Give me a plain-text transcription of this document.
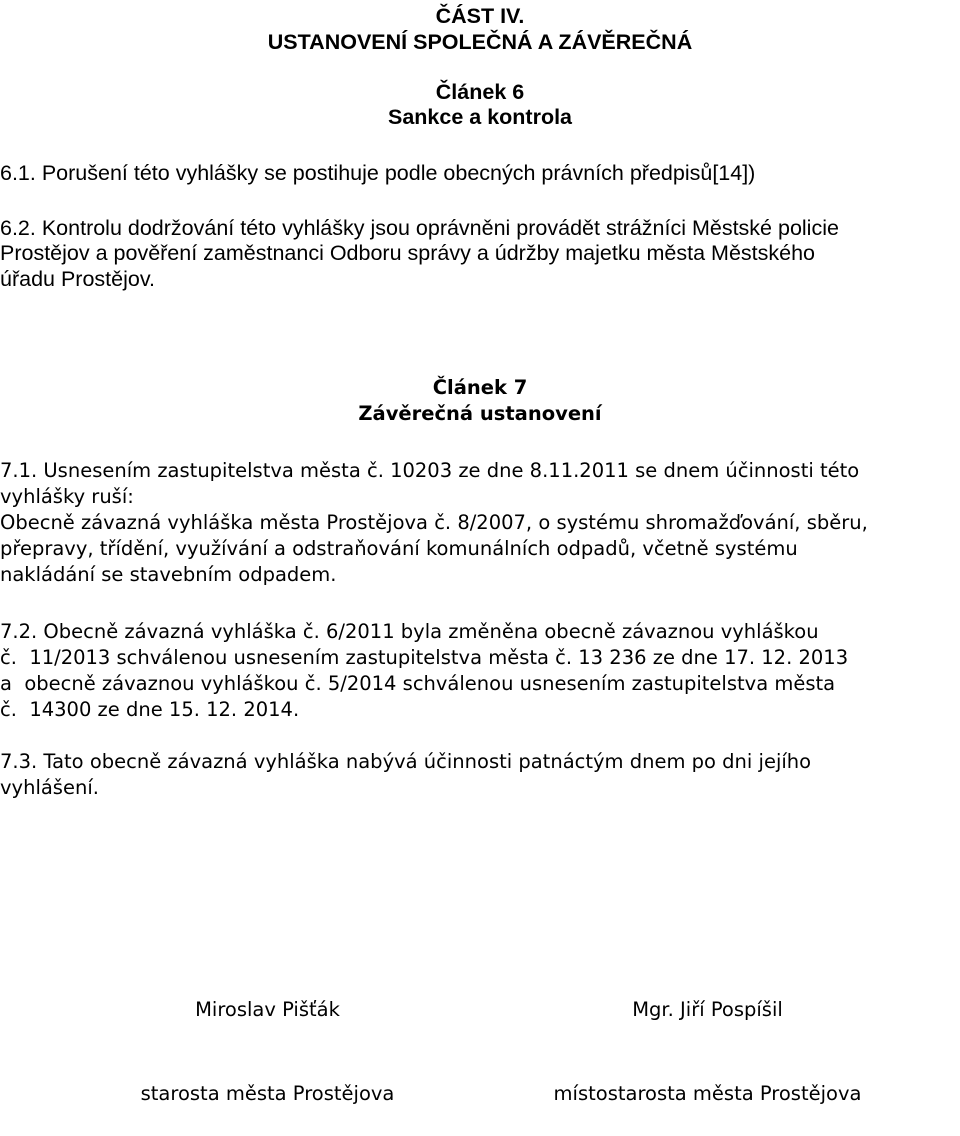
ČÁST IV.
USTANOVENÍ SPOLEČNÁ A ZÁVĚREČNÁ
Článek 6
Sankce a kontrola
6.1. Porušení této vyhlášky se postihuje podle obecných právních předpisů[14])
6.2. Kontrolu dodržování této vyhlášky jsou oprávněni provádět strážníci Městské policie
Prostějov a pověření zaměstnanci Odboru správy a údržby majetku města Městského
úřadu Prostějov.
Článek 7
Závěrečná ustanovení
7.1. Usnesením zastupitelstva města č. 10203 ze dne 8.11.2011 se dnem účinnosti této
vyhlášky ruší:
Obecně závazná vyhláška města Prostějova č. 8/2007, o systému shromažďování, sběru,
přepravy, třídění, využívání a odstraňování komunálních odpadů, včetně systému
nakládání se stavebním odpadem.
7.2. Obecně závazná vyhláška č. 6/2011 byla změněna obecně závaznou vyhláškou
č.  11/2013 schválenou usnesením zastupitelstva města č. 13 236 ze dne 17. 12. 2013
a  obecně závaznou vyhláškou č. 5/2014 schválenou usnesením zastupitelstva města
č.  14300 ze dne 15. 12. 2014.
7.3. Tato obecně závazná vyhláška nabývá účinnosti patnáctým dnem po dni jejího
vyhlášení.

Miroslav Pišťák

starosta města Prostějova

Mgr. Jiří Pospíšil

místostarosta města Prostějova
